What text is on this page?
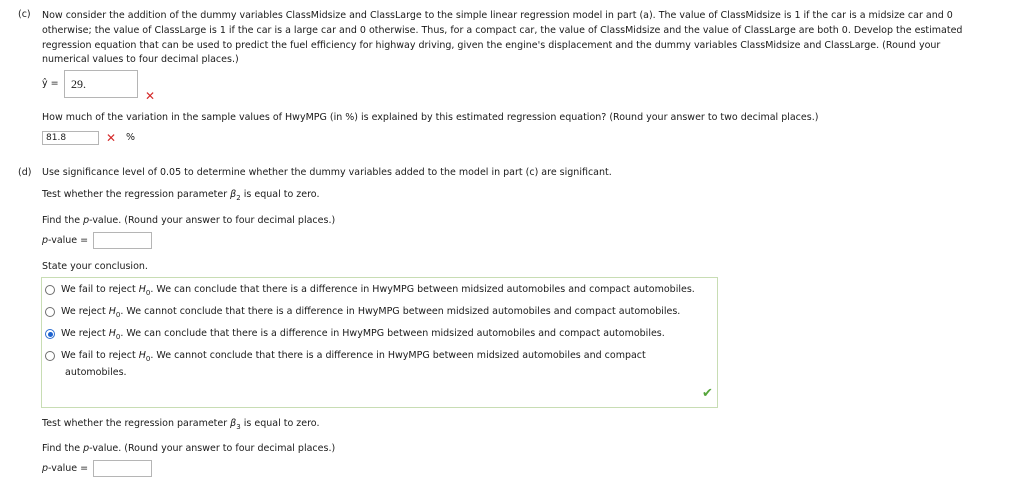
(c) Now consider the addition of the dummy variables ClassMidsize and ClassLarge to the simple linear regression model in part (a). The value of ClassMidsize is 1 if the car is a midsize car and 0
otherwise; the value of ClassLarge is 1 if the car is a large car and 0 otherwise. Thus, for a compact car, the value of ClassMidsize and the value of ClassLarge are both 0. Develop the estimated
regression equation that can be used to predict the fuel efficiency for highway driving, given the engine's displacement and the dummy variables ClassMidsize and ClassLarge. (Round your
numerical values to four decimal places.)
ŷ =	29.
✕
How much of the variation in the sample values of HwyMPG (in %) is explained by this estimated regression equation? (Round your answer to two decimal places.)
81.8	✕ %
(d) Use significance level of 0.05 to determine whether the dummy variables added to the model in part (c) are significant.
Test whether the regression parameter $\beta_2$ is equal to zero.
Find the p-value. (Round your answer to four decimal places.)
p-value =
State your conclusion.
We fail to reject $H_0$. We can conclude that there is a difference in HwyMPG between midsized automobiles and compact automobiles.
We reject $H_0$. We cannot conclude that there is a difference in HwyMPG between midsized automobiles and compact automobiles.
We reject $H_0$. We can conclude that there is a difference in HwyMPG between midsized automobiles and compact automobiles.
We fail to reject $H_0$. We cannot conclude that there is a difference in HwyMPG between midsized automobiles and compact
automobiles.
✔
Test whether the regression parameter $\beta_3$ is equal to zero.
Find the p-value. (Round your answer to four decimal places.)
p-value =
